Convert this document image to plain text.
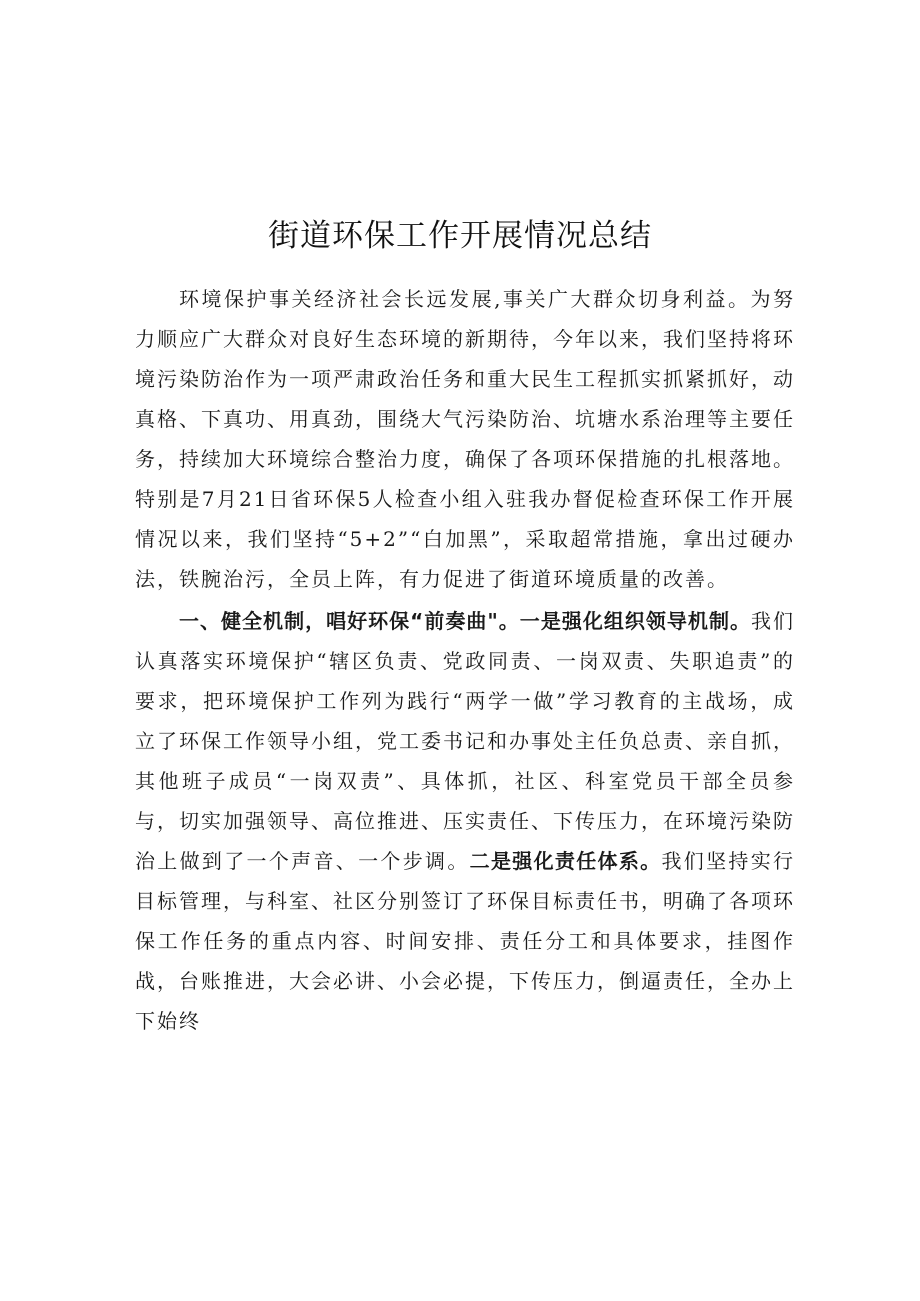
街道环保工作开展情况总结

环境保护事关经济社会长远发展,事关广大群众切身利益。为努力顺应广大群众对良好生态环境的新期待，今年以来，我们坚持将环境污染防治作为一项严肃政治任务和重大民生工程抓实抓紧抓好，动真格、下真功、用真劲，围绕大气污染防治、坑塘水系治理等主要任务，持续加大环境综合整治力度，确保了各项环保措施的扎根落地。特别是7月21日省环保5人检查小组入驻我办督促检查环保工作开展情况以来，我们坚持“5+2”“白加黑”，采取超常措施，拿出过硬办法，铁腕治污，全员上阵，有力促进了街道环境质量的改善。

一、健全机制，唱好环保“前奏曲"。一是强化组织领导机制。我们认真落实环境保护“辖区负责、党政同责、一岗双责、失职追责”的要求，把环境保护工作列为践行“两学一做”学习教育的主战场，成立了环保工作领导小组，党工委书记和办事处主任负总责、亲自抓，其他班子成员“一岗双责”、具体抓，社区、科室党员干部全员参与，切实加强领导、高位推进、压实责任、下传压力，在环境污染防治上做到了一个声音、一个步调。二是强化责任体系。我们坚持实行目标管理，与科室、社区分别签订了环保目标责任书，明确了各项环保工作任务的重点内容、时间安排、责任分工和具体要求，挂图作战，台账推进，大会必讲、小会必提，下传压力，倒逼责任，全办上下始终
